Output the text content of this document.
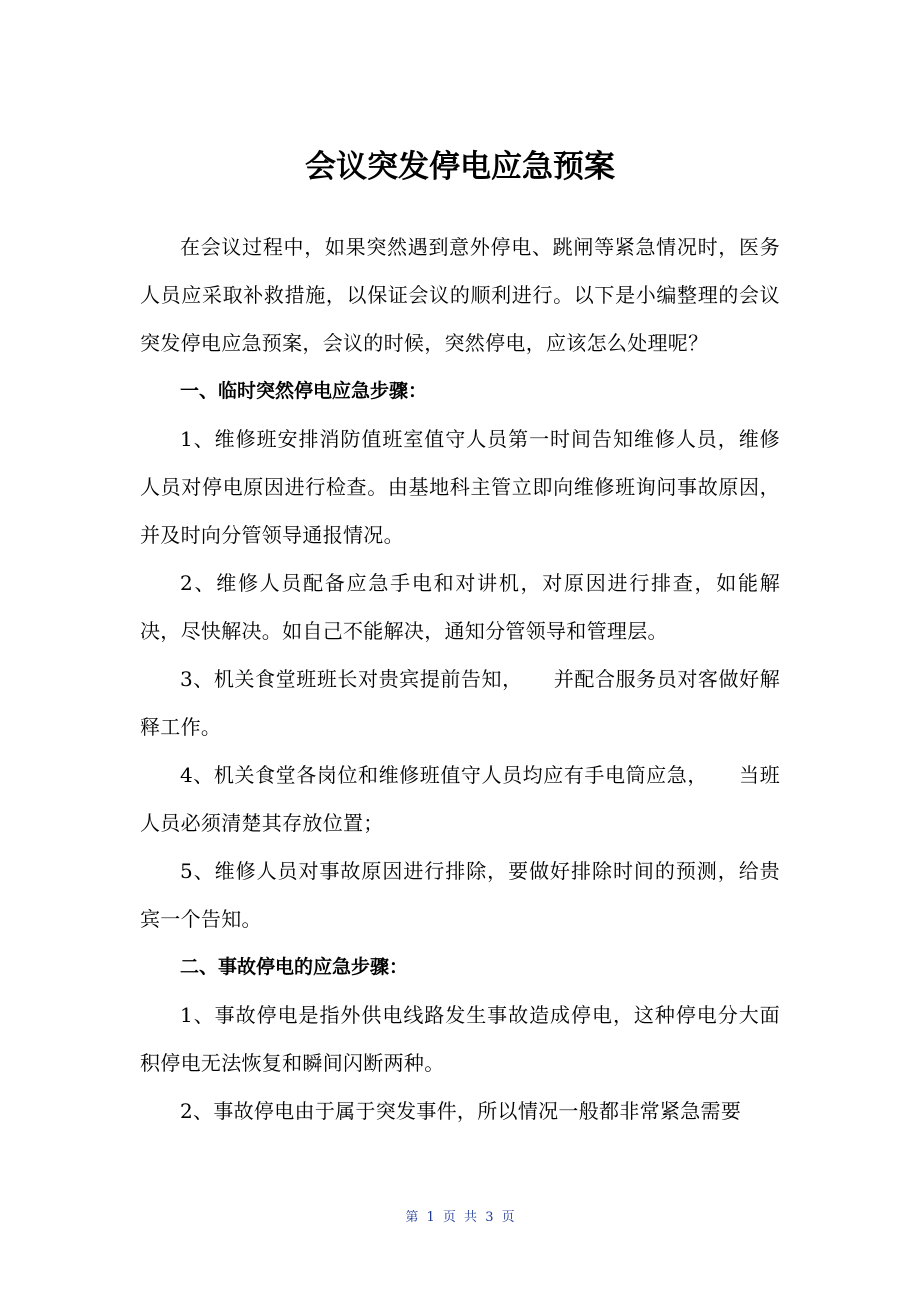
会议突发停电应急预案

在会议过程中，如果突然遇到意外停电、跳闸等紧急情况时，医务人员应采取补救措施，以保证会议的顺利进行。以下是小编整理的会议突发停电应急预案，会议的时候，突然停电，应该怎么处理呢？

一、临时突然停电应急步骤：

1、维修班安排消防值班室值守人员第一时间告知维修人员，维修人员对停电原因进行检查。由基地科主管立即向维修班询问事故原因，并及时向分管领导通报情况。

2、维修人员配备应急手电和对讲机，对原因进行排查，如能解决，尽快解决。如自己不能解决，通知分管领导和管理层。

3、机关食堂班班长对贵宾提前告知，　　并配合服务员对客做好解释工作。

4、机关食堂各岗位和维修班值守人员均应有手电筒应急，　　当班人员必须清楚其存放位置；

5、维修人员对事故原因进行排除，要做好排除时间的预测，给贵宾一个告知。

二、事故停电的应急步骤：

1、事故停电是指外供电线路发生事故造成停电，这种停电分大面积停电无法恢复和瞬间闪断两种。

2、事故停电由于属于突发事件，所以情况一般都非常紧急需要

第 1 页 共 3 页
